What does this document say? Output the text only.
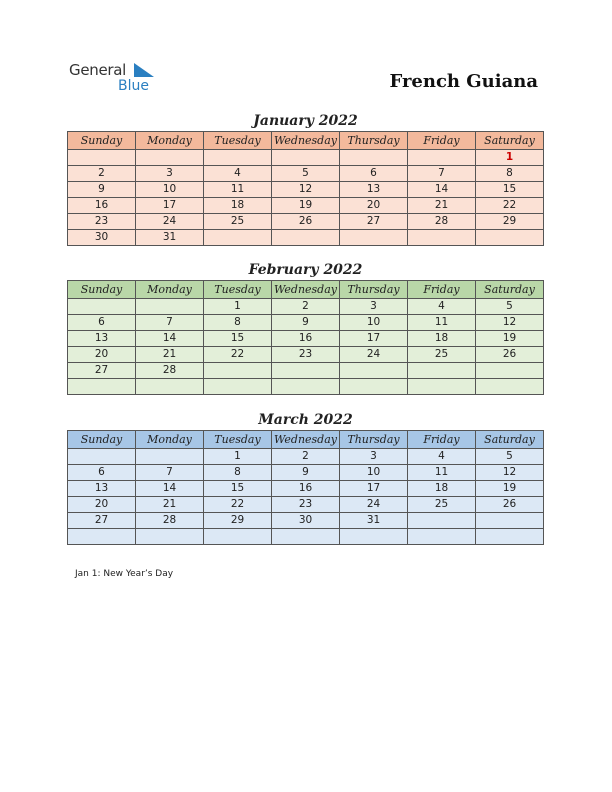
General
Blue	French Guiana
January 2022
Sunday	Monday	Tuesday	Wednesday	Thursday	Friday	Saturday
						1
2	3	4	5	6	7	8
9	10	11	12	13	14	15
16	17	18	19	20	21	22
23	24	25	26	27	28	29
30	31					
February 2022
Sunday	Monday	Tuesday	Wednesday	Thursday	Friday	Saturday
		1	2	3	4	5
6	7	8	9	10	11	12
13	14	15	16	17	18	19
20	21	22	23	24	25	26
27	28					

March 2022
Sunday	Monday	Tuesday	Wednesday	Thursday	Friday	Saturday
		1	2	3	4	5
6	7	8	9	10	11	12
13	14	15	16	17	18	19
20	21	22	23	24	25	26
27	28	29	30	31		

Jan 1: New Year’s Day
